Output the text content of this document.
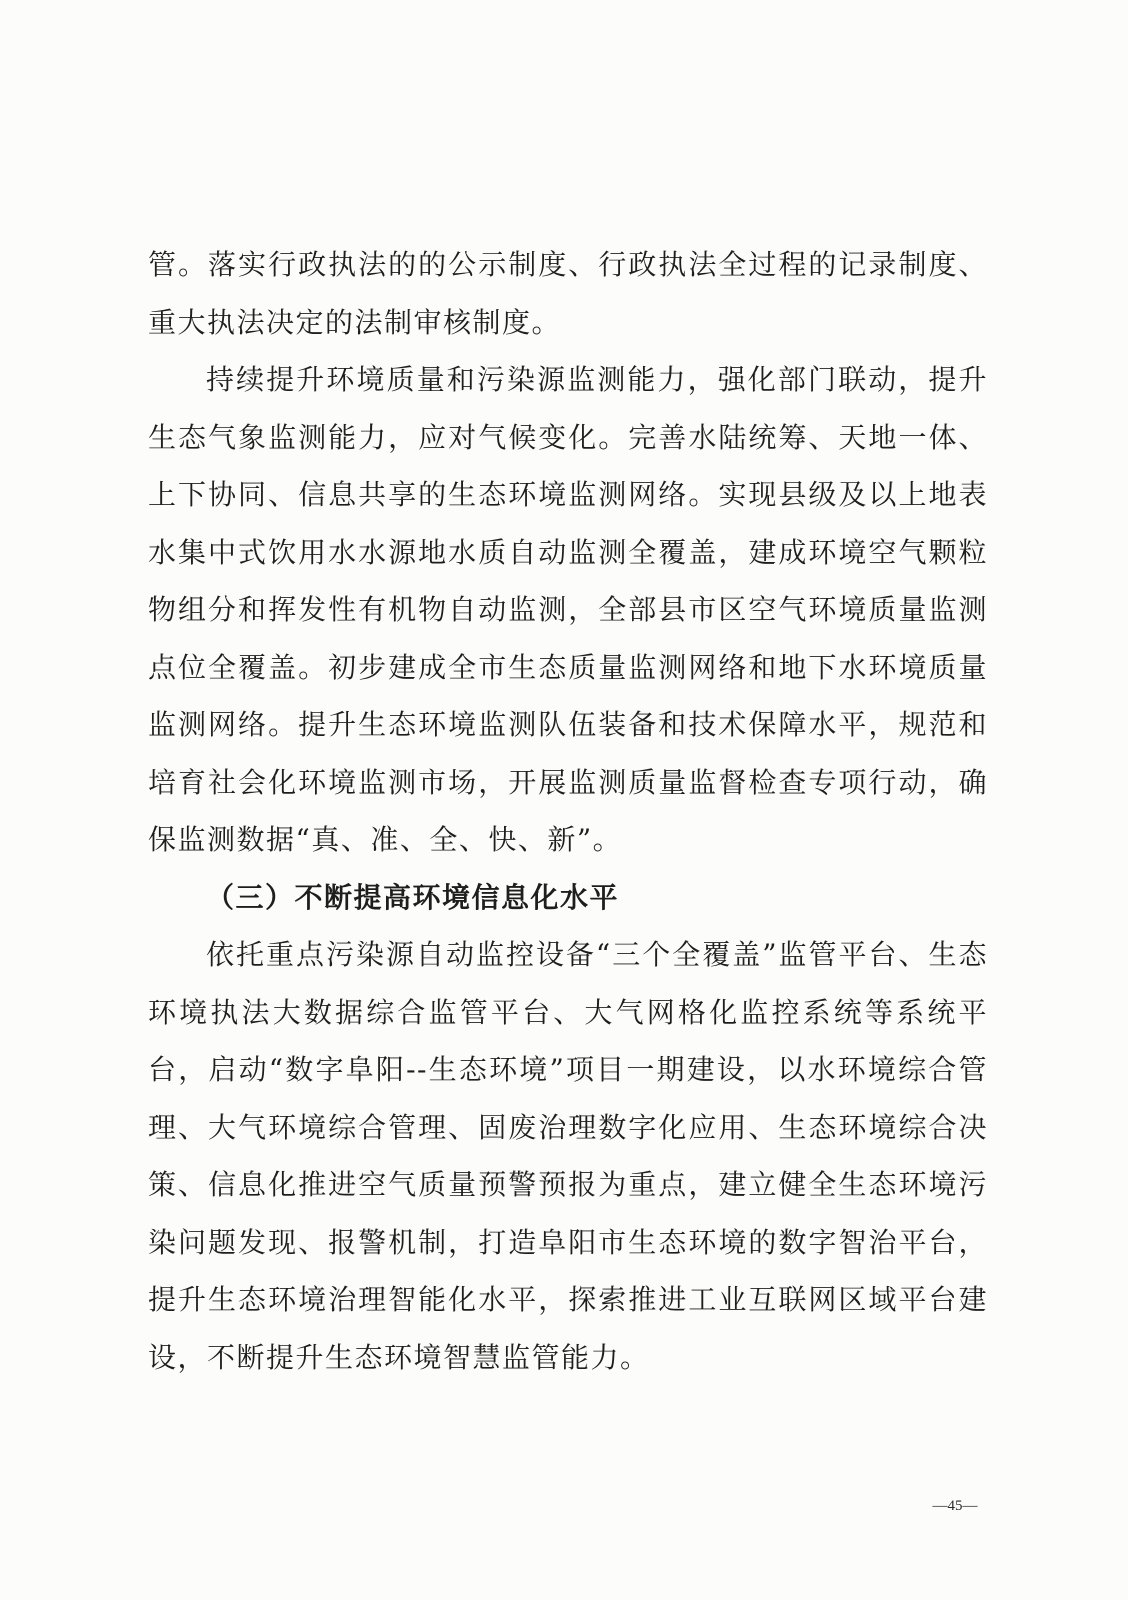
管。落实行政执法的的公示制度、行政执法全过程的记录制度、重大执法决定的法制审核制度。

持续提升环境质量和污染源监测能力，强化部门联动，提升生态气象监测能力，应对气候变化。完善水陆统筹、天地一体、上下协同、信息共享的生态环境监测网络。实现县级及以上地表水集中式饮用水水源地水质自动监测全覆盖，建成环境空气颗粒物组分和挥发性有机物自动监测，全部县市区空气环境质量监测点位全覆盖。初步建成全市生态质量监测网络和地下水环境质量监测网络。提升生态环境监测队伍装备和技术保障水平，规范和培育社会化环境监测市场，开展监测质量监督检查专项行动，确保监测数据“真、准、全、快、新”。

（三）不断提高环境信息化水平

依托重点污染源自动监控设备“三个全覆盖”监管平台、生态环境执法大数据综合监管平台、大气网格化监控系统等系统平台，启动“数字阜阳--生态环境”项目一期建设，以水环境综合管理、大气环境综合管理、固废治理数字化应用、生态环境综合决策、信息化推进空气质量预警预报为重点，建立健全生态环境污染问题发现、报警机制，打造阜阳市生态环境的数字智治平台，提升生态环境治理智能化水平，探索推进工业互联网区域平台建设，不断提升生态环境智慧监管能力。

—45—
